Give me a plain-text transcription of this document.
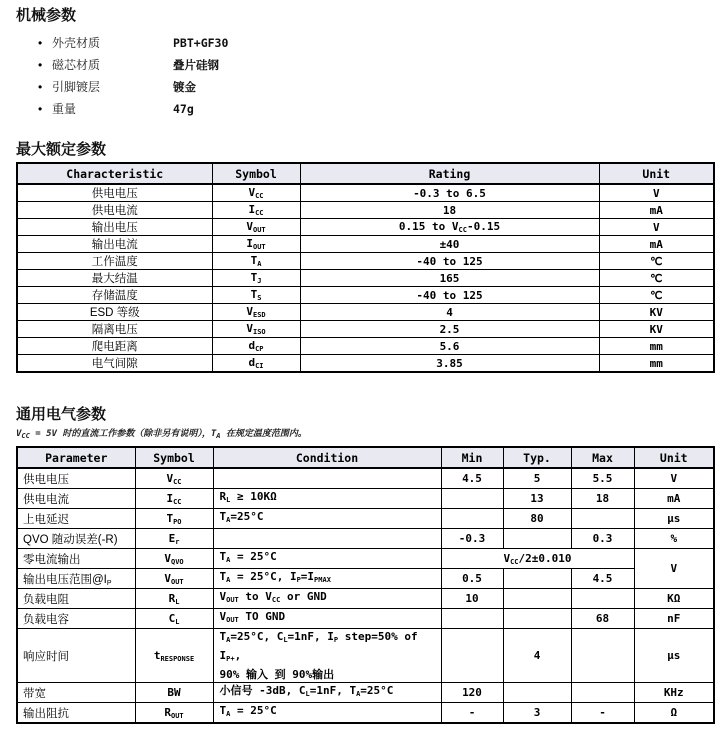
机械参数
• 外壳材质	PBT+GF30
• 磁芯材质	叠片硅钢
• 引脚镀层	镀金
• 重量	47g
最大额定参数
Characteristic	Symbol	Rating	Unit
供电电压	$V_{CC}$	-0.3 to 6.5	V
供电电流	$I_{CC}$	18	mA
输出电压	$V_{OUT}$	0.15 to $V_{CC}-0.15$	V
输出电流	$I_{OUT}$	±40	mA
工作温度	$T_A$	-40 to 125	℃
最大结温	$T_J$	165	℃
存储温度	$T_S$	-40 to 125	℃
ESD 等级	$V_{ESD}$	4	KV
隔离电压	$V_{ISO}$	2.5	KV
爬电距离	$d_{CP}$	5.6	mm
电气间隙	$d_{CI}$	3.85	mm
通用电气参数
$V_{CC} = 5V$ 时的直流工作参数（除非另有说明），$T_A$ 在规定温度范围内。
Parameter	Symbol	Condition	Min	Typ.	Max	Unit
供电电压	$V_{CC}$		4.5	5	5.5	V
供电电流	$I_{CC}$	$R_L \ge 10K\Omega$		13	18	mA
上电延迟	$T_{PO}$	$T_A=25^\circ C$		80		μs
QVO 随动误差(-R)	$E_r$		-0.3		0.3	%
零电流输出	$V_{QVO}$	$T_A = 25^\circ C$	$V_{CC}/2\pm 0.010$			V
输出电压范围$@I_P$	$V_{OUT}$	$T_A = 25^\circ C$, $I_P=I_{PMAX}$	0.5		4.5	
负载电阻	$R_L$	$V_{OUT}$ to $V_{CC}$ or GND	10			KΩ
负载电容	$C_L$	$V_{OUT}$ TO GND			68	nF
响应时间	$t_{RESPONSE}$	$T_A=25^\circ C$, $C_L=1nF$, $I_P$ step=50% of $I_{P+}$,
90% 输入 到 90%输出		4		μs
带宽	BW	小信号 -3dB, $C_L=1nF$, $T_A=25^\circ C$	120			KHz
输出阻抗	$R_{OUT}$	$T_A = 25^\circ C$	-	3	-	Ω
